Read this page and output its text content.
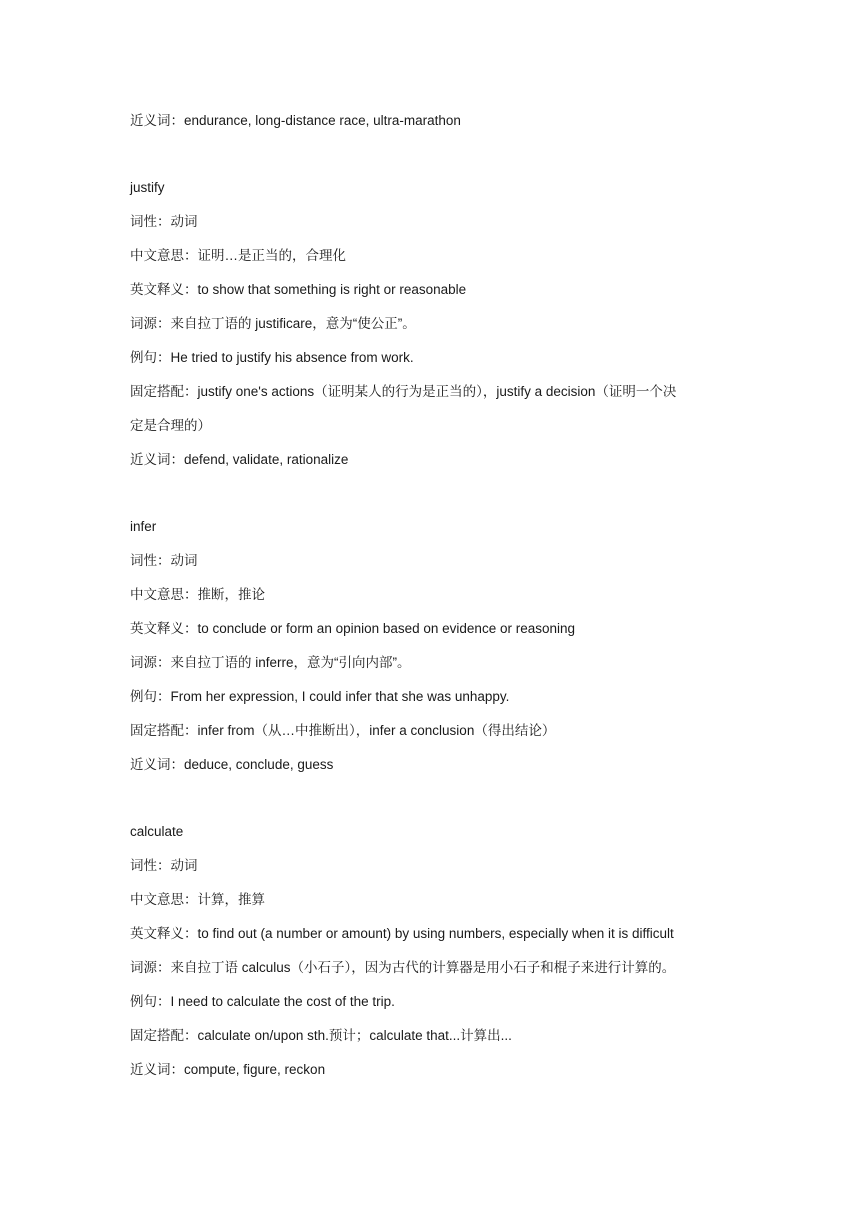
近义词：endurance, long-distance race, ultra-marathon
justify
词性：动词
中文意思：证明…是正当的，合理化
英文释义：to show that something is right or reasonable
词源：来自拉丁语的 justificare，意为“使公正”。
例句：He tried to justify his absence from work.
固定搭配：justify one's actions（证明某人的行为是正当的），justify a decision（证明一个决
定是合理的）
近义词：defend, validate, rationalize
infer
词性：动词
中文意思：推断，推论
英文释义：to conclude or form an opinion based on evidence or reasoning
词源：来自拉丁语的 inferre，意为“引向内部”。
例句：From her expression, I could infer that she was unhappy.
固定搭配：infer from（从…中推断出），infer a conclusion（得出结论）
近义词：deduce, conclude, guess
calculate
词性：动词
中文意思：计算，推算
英文释义：to find out (a number or amount) by using numbers, especially when it is difficult
词源：来自拉丁语 calculus（小石子），因为古代的计算器是用小石子和棍子来进行计算的。
例句：I need to calculate the cost of the trip.
固定搭配：calculate on/upon sth.预计；calculate that...计算出...
近义词：compute, figure, reckon
